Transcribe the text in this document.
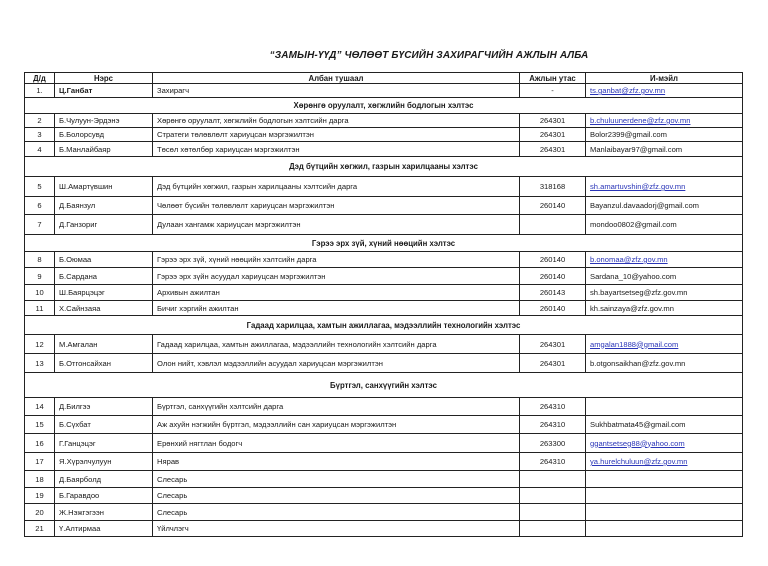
“ЗАМЫН-ҮҮД” ЧӨЛӨӨТ БҮСИЙН ЗАХИРАГЧИЙН АЖЛЫН АЛБА
Д/д	Нэрс	Албан тушаал	Ажлын утас	И-мэйл
1.	Ц.Ганбат	Захирагч	-	ts.ganbat@zfz.gov.mn
Хөрөнгө оруулалт, хөгжлийн бодлогын хэлтэс				
2	Б.Чулуун-Эрдэнэ	Хөрөнгө оруулалт, хөгжлийн бодлогын хэлтсийн дарга	264301	b.chuluunerdene@zfz.gov.mn
3	Б.Болорсувд	Стратеги төлөвлөлт хариуцсан мэргэжилтэн	264301	Bolor2399@gmail.com
4	Б.Манлайбаяр	Төсөл хөтөлбөр хариуцсан мэргэжилтэн	264301	Manlaibayar97@gmail.com
Дэд бүтцийн хөгжил, газрын харилцааны хэлтэс				
5	Ш.Амартүвшин	Дэд бүтцийн хөгжил, газрын харилцааны хэлтсийн дарга	318168	sh.amartuvshin@zfz.gov.mn
6	Д.Баянзул	Чөлөөт бүсийн төлөвлөлт хариуцсан мэргэжилтэн	260140	Bayanzul.davaadorj@gmail.com
7	Д.Ганзориг	Дулаан хангамж хариуцсан мэргэжилтэн		mondoo0802@gmail.com
Гэрээ эрх зүй, хүний нөөцийн хэлтэс				
8	Б.Оюмаа	Гэрээ эрх зүй, хүний нөөцийн хэлтсийн дарга	260140	b.onomaa@zfz.gov.mn
9	Б.Сардана	Гэрээ эрх зүйн асуудал хариуцсан мэргэжилтэн	260140	Sardana_10@yahoo.com
10	Ш.Баярцэцэг	Архивын ажилтан	260143	sh.bayartsetseg@zfz.gov.mn
11	Х.Сайнзаяа	Бичиг хэргийн ажилтан	260140	kh.sainzaya@zfz.gov.mn
Гадаад харилцаа, хамтын ажиллагаа, мэдээллийн технологийн хэлтэс				
12	М.Амгалан	Гадаад харилцаа, хамтын ажиллагаа, мэдээллийн технологийн хэлтсийн дарга	264301	amgalan1888@gmail.com
13	Б.Отгонсайхан	Олон нийт, хэвлэл мэдээллийн асуудал хариуцсан мэргэжилтэн	264301	b.otgonsaikhan@zfz.gov.mn
Бүртгэл, санхүүгийн хэлтэс				
14	Д.Билгээ	Бүртгэл, санхүүгийн хэлтсийн дарга	264310	
15	Б.Сүхбат	Аж ахуйн нэгжийн бүртгэл, мэдээллийн сан хариуцсан мэргэжилтэн	264310	Sukhbatmata45@gmail.com
16	Г.Ганцэцэг	Ерөнхий нягтлан бодогч	263300	ggantsetseg88@yahoo.com
17	Я.Хүрэлчулуун	Нярав	264310	ya.hurelchuluun@zfz.gov.mn
18	Д.Баярболд	Слесарь		
19	Б.Гаравдоо	Слесарь		
20	Ж.Нэжгэгээн	Слесарь		
21	Ү.Алтирмаа	Үйлчлэгч		
